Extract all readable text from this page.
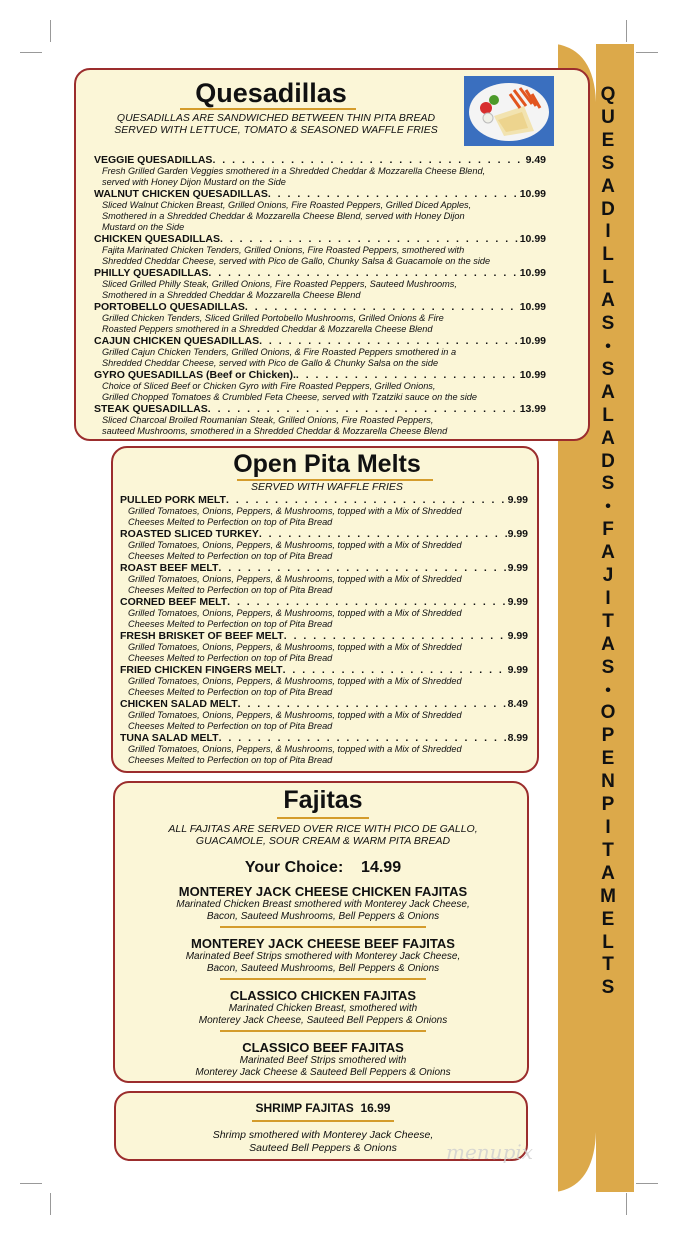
Q
U
E
S
A
D
I
L
L
A
S
•
S
A
L
A
D
S
•
F
A
J
I
T
A
S
•
O
P
E
N
P
I
T
A
M
E
L
T
S
Quesadillas
QUESADILLAS ARE SANDWICHED BETWEEN THIN PITA BREAD
SERVED WITH LETTUCE, TOMATO & SEASONED WAFFLE FRIES
VEGGIE QUESADILLAS . . .	9.49
Fresh Grilled Garden Veggies smothered in a Shredded Cheddar & Mozzarella Cheese Blend,
served with Honey Dijon Mustard on the Side
WALNUT CHICKEN QUESADILLAS . . .	10.99
Sliced Walnut Chicken Breast, Grilled Onions, Fire Roasted Peppers, Grilled Diced Apples,
Smothered in a Shredded Cheddar & Mozzarella Cheese Blend, served with Honey Dijon
Mustard on the Side
CHICKEN QUESADILLAS . . .	10.99
Fajita Marinated Chicken Tenders, Grilled Onions, Fire Roasted Peppers, smothered with
Shredded Cheddar Cheese, served with Pico de Gallo, Chunky Salsa & Guacamole on the side
PHILLY QUESADILLAS . . .	10.99
Sliced Grilled Philly Steak, Grilled Onions, Fire Roasted Peppers, Sauteed Mushrooms,
Smothered in a Shredded Cheddar & Mozzarella Cheese Blend
PORTOBELLO QUESADILLAS . . .	10.99
Grilled Chicken Tenders, Sliced Grilled Portobello Mushrooms, Grilled Onions & Fire
Roasted Peppers smothered in a Shredded Cheddar & Mozzarella Cheese Blend
CAJUN CHICKEN QUESADILLAS . . .	10.99
Grilled Cajun Chicken Tenders, Grilled Onions, & Fire Roasted Peppers smothered in a
Shredded Cheddar Cheese, served with Pico de Gallo & Chunky Salsa on the side
GYRO QUESADILLAS (Beef or Chicken). . . .	10.99
Choice of Sliced Beef or Chicken Gyro with Fire Roasted Peppers, Grilled Onions,
Grilled Chopped Tomatoes & Crumbled Feta Cheese, served with Tzatziki sauce on the side
STEAK QUESADILLAS . . .	13.99
Sliced Charcoal Broiled Roumanian Steak, Grilled Onions, Fire Roasted Peppers,
sauteed Mushrooms, smothered in a Shredded Cheddar & Mozzarella Cheese Blend
Open Pita Melts
SERVED WITH WAFFLE FRIES
PULLED PORK MELT . . .	9.99
Grilled Tomatoes, Onions, Peppers, & Mushrooms, topped with a Mix of Shredded
Cheeses Melted to Perfection on top of Pita Bread
ROASTED SLICED TURKEY . . .	9.99
Grilled Tomatoes, Onions, Peppers, & Mushrooms, topped with a Mix of Shredded
Cheeses Melted to Perfection on top of Pita Bread
ROAST BEEF MELT . . .	9.99
Grilled Tomatoes, Onions, Peppers, & Mushrooms, topped with a Mix of Shredded
Cheeses Melted to Perfection on top of Pita Bread
CORNED BEEF MELT . . .	9.99
Grilled Tomatoes, Onions, Peppers, & Mushrooms, topped with a Mix of Shredded
Cheeses Melted to Perfection on top of Pita Bread
FRESH BRISKET OF BEEF MELT . . .	9.99
Grilled Tomatoes, Onions, Peppers, & Mushrooms, topped with a Mix of Shredded
Cheeses Melted to Perfection on top of Pita Bread
FRIED CHICKEN FINGERS MELT . . .	9.99
Grilled Tomatoes, Onions, Peppers, & Mushrooms, topped with a Mix of Shredded
Cheeses Melted to Perfection on top of Pita Bread
CHICKEN SALAD MELT . . .	8.49
Grilled Tomatoes, Onions, Peppers, & Mushrooms, topped with a Mix of Shredded
Cheeses Melted to Perfection on top of Pita Bread
TUNA SALAD MELT . . .	8.99
Grilled Tomatoes, Onions, Peppers, & Mushrooms, topped with a Mix of Shredded
Cheeses Melted to Perfection on top of Pita Bread
Fajitas
ALL FAJITAS ARE SERVED OVER RICE WITH PICO DE GALLO,
GUACAMOLE, SOUR CREAM & WARM PITA BREAD
Your Choice: 14.99
MONTEREY JACK CHEESE CHICKEN FAJITAS
Marinated Chicken Breast smothered with Monterey Jack Cheese,
Bacon, Sauteed Mushrooms, Bell Peppers & Onions
MONTEREY JACK CHEESE BEEF FAJITAS
Marinated Beef Strips smothered with Monterey Jack Cheese,
Bacon, Sauteed Mushrooms, Bell Peppers & Onions
CLASSICO CHICKEN FAJITAS
Marinated Chicken Breast, smothered with
Monterey Jack Cheese, Sauteed Bell Peppers & Onions
CLASSICO BEEF FAJITAS
Marinated Beef Strips smothered with
Monterey Jack Cheese & Sauteed Bell Peppers & Onions
SHRIMP FAJITAS 16.99
Shrimp smothered with Monterey Jack Cheese,
Sauteed Bell Peppers & Onions	menupix
